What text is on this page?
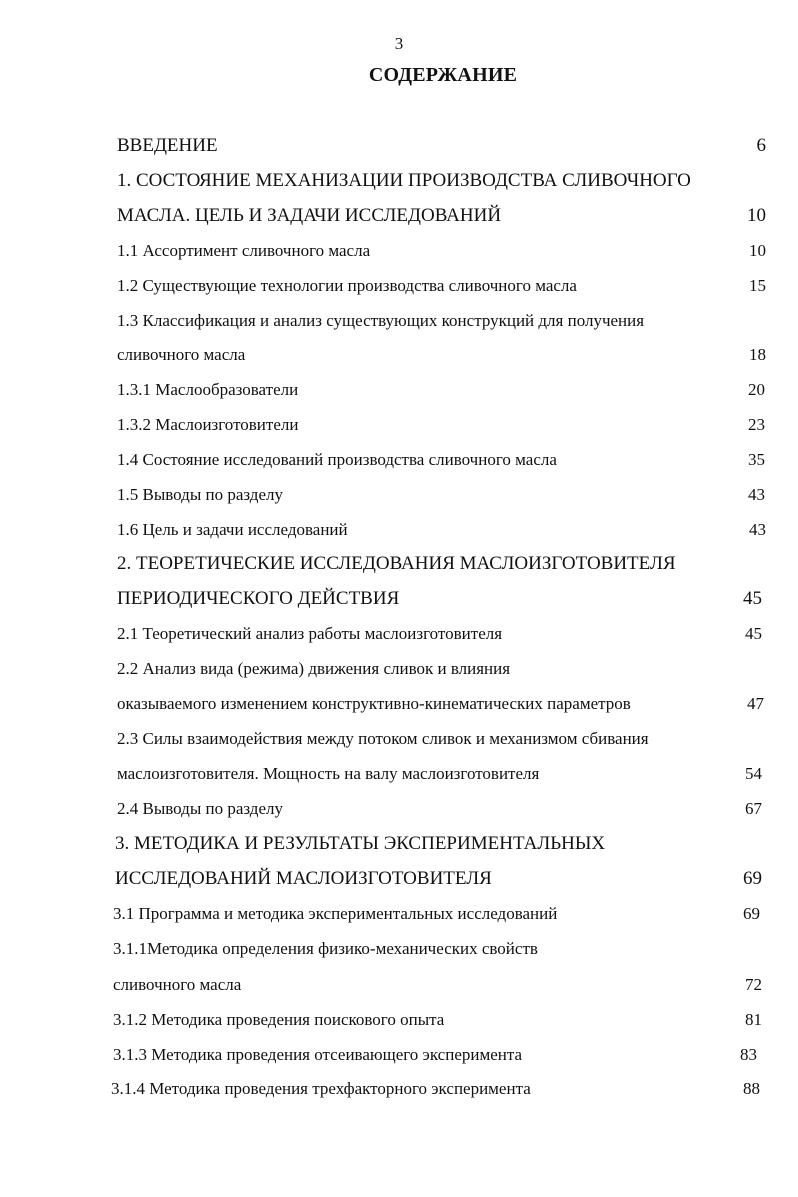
3
СОДЕРЖАНИЕ
ВВЕДЕНИЕ	6
1. СОСТОЯНИЕ МЕХАНИЗАЦИИ ПРОИЗВОДСТВА СЛИВОЧНОГО
МАСЛА. ЦЕЛЬ И ЗАДАЧИ ИССЛЕДОВАНИЙ	10
1.1 Ассортимент сливочного масла	10
1.2 Существующие технологии производства сливочного масла	15
1.3 Классификация и анализ существующих конструкций для получения
сливочного масла	18
1.3.1 Маслообразователи	20
1.3.2 Маслоизготовители	23
1.4 Состояние исследований производства сливочного масла	35
1.5 Выводы по разделу	43
1.6 Цель и задачи исследований	43
2. ТЕОРЕТИЧЕСКИЕ ИССЛЕДОВАНИЯ МАСЛОИЗГОТОВИТЕЛЯ
ПЕРИОДИЧЕСКОГО ДЕЙСТВИЯ	45
2.1 Теоретический анализ работы маслоизготовителя	45
2.2 Анализ вида (режима) движения сливок и влияния
оказываемого изменением конструктивно-кинематических параметров	47
2.3 Силы взаимодействия между потоком сливок и механизмом сбивания
маслоизготовителя. Мощность на валу маслоизготовителя	54
2.4 Выводы по разделу	67
3. МЕТОДИКА И РЕЗУЛЬТАТЫ ЭКСПЕРИМЕНТАЛЬНЫХ
ИССЛЕДОВАНИЙ МАСЛОИЗГОТОВИТЕЛЯ	69
3.1 Программа и методика экспериментальных исследований	69
3.1.1Методика определения физико-механических свойств
сливочного масла	72
3.1.2 Методика проведения поискового опыта	81
3.1.3 Методика проведения отсеивающего эксперимента	83
3.1.4 Методика проведения трехфакторного эксперимента	88
